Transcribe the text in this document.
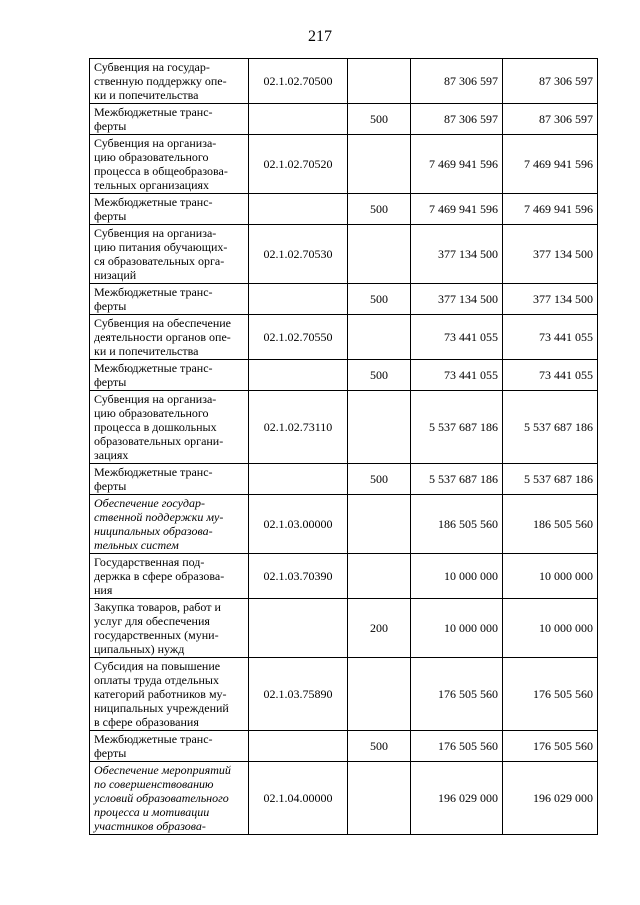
217
Субвенция на государ-
ственную поддержку опе-
ки и попечительства	02.1.02.70500		87 306 597	87 306 597
Межбюджетные транс-
ферты		500	87 306 597	87 306 597
Субвенция на организа-
цию образовательного
процесса в общеобразова-
тельных организациях	02.1.02.70520		7 469 941 596	7 469 941 596
Межбюджетные транс-
ферты		500	7 469 941 596	7 469 941 596
Субвенция на организа-
цию питания обучающих-
ся образовательных орга-
низаций	02.1.02.70530		377 134 500	377 134 500
Межбюджетные транс-
ферты		500	377 134 500	377 134 500
Субвенция на обеспечение
деятельности органов опе-
ки и попечительства	02.1.02.70550		73 441 055	73 441 055
Межбюджетные транс-
ферты		500	73 441 055	73 441 055
Субвенция на организа-
цию образовательного
процесса в дошкольных
образовательных органи-
зациях	02.1.02.73110		5 537 687 186	5 537 687 186
Межбюджетные транс-
ферты		500	5 537 687 186	5 537 687 186
Обеспечение государ-
ственной поддержки му-
ниципальных образова-
тельных систем	02.1.03.00000		186 505 560	186 505 560
Государственная под-
держка в сфере образова-
ния	02.1.03.70390		10 000 000	10 000 000
Закупка товаров, работ и
услуг для обеспечения
государственных (муни-
ципальных) нужд		200	10 000 000	10 000 000
Субсидия на повышение
оплаты труда отдельных
категорий работников му-
ниципальных учреждений
в сфере образования	02.1.03.75890		176 505 560	176 505 560
Межбюджетные транс-
ферты		500	176 505 560	176 505 560
Обеспечение мероприятий
по совершенствованию
условий образовательного
процесса и мотивации
участников образова-	02.1.04.00000		196 029 000	196 029 000
